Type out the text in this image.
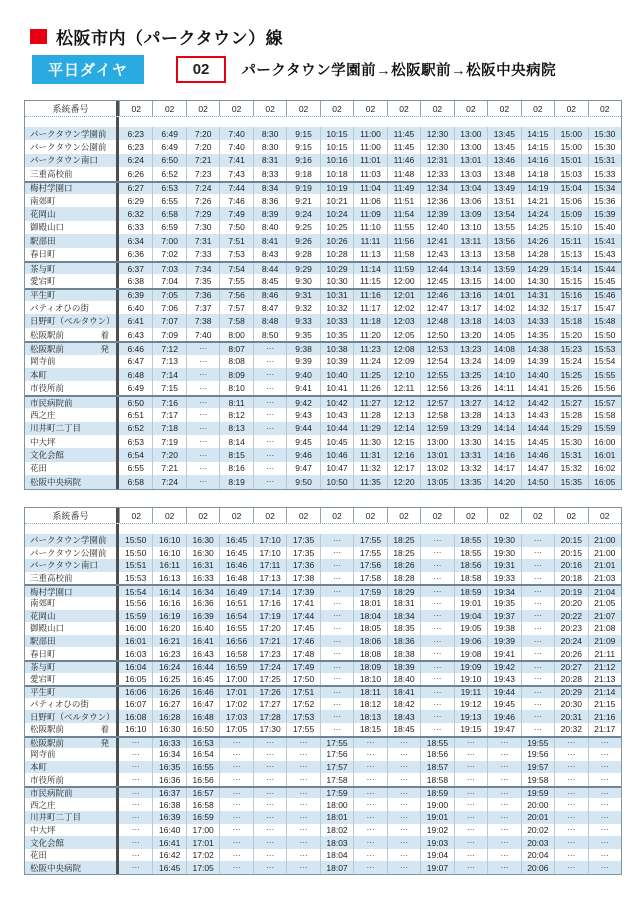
松阪市内（パークタウン）線
平日ダイヤ	02	パークタウン学園前→松阪駅前→松阪中央病院
系統番号	02	02	02	02	02	02	02	02	02	02	02	02	02	02	02
パークタウン学園前	6:23	6:49	7:20	7:40	8:30	9:15	10:15	11:00	11:45	12:30	13:00	13:45	14:15	15:00	15:30
パークタウン公園前	6:23	6:49	7:20	7:40	8:30	9:15	10:15	11:00	11:45	12:30	13:00	13:45	14:15	15:00	15:30
パークタウン南口	6:24	6:50	7:21	7:41	8:31	9:16	10:16	11:01	11:46	12:31	13:01	13:46	14:16	15:01	15:31
三重高校前	6:26	6:52	7:23	7:43	8:33	9:18	10:18	11:03	11:48	12:33	13:03	13:48	14:18	15:03	15:33
梅村学園口	6:27	6:53	7:24	7:44	8:34	9:19	10:19	11:04	11:49	12:34	13:04	13:49	14:19	15:04	15:34
南郊町	6:29	6:55	7:26	7:46	8:36	9:21	10:21	11:06	11:51	12:36	13:06	13:51	14:21	15:06	15:36
花岡山	6:32	6:58	7:29	7:49	8:39	9:24	10:24	11:09	11:54	12:39	13:09	13:54	14:24	15:09	15:39
御殿山口	6:33	6:59	7:30	7:50	8:40	9:25	10:25	11:10	11:55	12:40	13:10	13:55	14:25	15:10	15:40
駅部田	6:34	7:00	7:31	7:51	8:41	9:26	10:26	11:11	11:56	12:41	13:11	13:56	14:26	15:11	15:41
春日町	6:36	7:02	7:33	7:53	8:43	9:28	10:28	11:13	11:58	12:43	13:13	13:58	14:28	15:13	15:43
茶与町	6:37	7:03	7:34	7:54	8:44	9:29	10:29	11:14	11:59	12:44	13:14	13:59	14:29	15:14	15:44
愛宕町	6:38	7:04	7:35	7:55	8:45	9:30	10:30	11:15	12:00	12:45	13:15	14:00	14:30	15:15	15:45
平生町	6:39	7:05	7:36	7:56	8:46	9:31	10:31	11:16	12:01	12:46	13:16	14:01	14:31	15:16	15:46
パティオひの街	6:40	7:06	7:37	7:57	8:47	9:32	10:32	11:17	12:02	12:47	13:17	14:02	14:32	15:17	15:47
日野町（ベルタウン）	6:41	7:07	7:38	7:58	8:48	9:33	10:33	11:18	12:03	12:48	13:18	14:03	14:33	15:18	15:48
松阪駅前	着	6:43	7:09	7:40	8:00	8:50	9:35	10:35	11:20	12:05	12:50	13:20	14:05	14:35	15:20	15:50
松阪駅前	発	6:46	7:12	⋯	8:07	⋯	9:38	10:38	11:23	12:08	12:53	13:23	14:08	14:38	15:23	15:53
岡寺前	6:47	7:13	⋯	8:08	⋯	9:39	10:39	11:24	12:09	12:54	13:24	14:09	14:39	15:24	15:54
本町	6:48	7:14	⋯	8:09	⋯	9:40	10:40	11:25	12:10	12:55	13:25	14:10	14:40	15:25	15:55
市役所前	6:49	7:15	⋯	8:10	⋯	9:41	10:41	11:26	12:11	12:56	13:26	14:11	14:41	15:26	15:56
市民病院前	6:50	7:16	⋯	8:11	⋯	9:42	10:42	11:27	12:12	12:57	13:27	14:12	14:42	15:27	15:57
西之庄	6:51	7:17	⋯	8:12	⋯	9:43	10:43	11:28	12:13	12:58	13:28	14:13	14:43	15:28	15:58
川井町二丁目	6:52	7:18	⋯	8:13	⋯	9:44	10:44	11:29	12:14	12:59	13:29	14:14	14:44	15:29	15:59
中大坪	6:53	7:19	⋯	8:14	⋯	9:45	10:45	11:30	12:15	13:00	13:30	14:15	14:45	15:30	16:00
文化会館	6:54	7:20	⋯	8:15	⋯	9:46	10:46	11:31	12:16	13:01	13:31	14:16	14:46	15:31	16:01
花田	6:55	7:21	⋯	8:16	⋯	9:47	10:47	11:32	12:17	13:02	13:32	14:17	14:47	15:32	16:02
松阪中央病院	6:58	7:24	⋯	8:19	⋯	9:50	10:50	11:35	12:20	13:05	13:35	14:20	14:50	15:35	16:05
系統番号	02	02	02	02	02	02	02	02	02	02	02	02	02	02	02
パークタウン学園前	15:50	16:10	16:30	16:45	17:10	17:35	⋯	17:55	18:25	⋯	18:55	19:30	⋯	20:15	21:00
パークタウン公園前	15:50	16:10	16:30	16:45	17:10	17:35	⋯	17:55	18:25	⋯	18:55	19:30	⋯	20:15	21:00
パークタウン南口	15:51	16:11	16:31	16:46	17:11	17:36	⋯	17:56	18:26	⋯	18:56	19:31	⋯	20:16	21:01
三重高校前	15:53	16:13	16:33	16:48	17:13	17:38	⋯	17:58	18:28	⋯	18:58	19:33	⋯	20:18	21:03
梅村学園口	15:54	16:14	16:34	16:49	17:14	17:39	⋯	17:59	18:29	⋯	18:59	19:34	⋯	20:19	21:04
南郊町	15:56	16:16	16:36	16:51	17:16	17:41	⋯	18:01	18:31	⋯	19:01	19:35	⋯	20:20	21:05
花岡山	15:59	16:19	16:39	16:54	17:19	17:44	⋯	18:04	18:34	⋯	19:04	19:37	⋯	20:22	21:07
御殿山口	16:00	16:20	16:40	16:55	17:20	17:45	⋯	18:05	18:35	⋯	19:05	19:38	⋯	20:23	21:08
駅部田	16:01	16:21	16:41	16:56	17:21	17:46	⋯	18:06	18:36	⋯	19:06	19:39	⋯	20:24	21:09
春日町	16:03	16:23	16:43	16:58	17:23	17:48	⋯	18:08	18:38	⋯	19:08	19:41	⋯	20:26	21:11
茶与町	16:04	16:24	16:44	16:59	17:24	17:49	⋯	18:09	18:39	⋯	19:09	19:42	⋯	20:27	21:12
愛宕町	16:05	16:25	16:45	17:00	17:25	17:50	⋯	18:10	18:40	⋯	19:10	19:43	⋯	20:28	21:13
平生町	16:06	16:26	16:46	17:01	17:26	17:51	⋯	18:11	18:41	⋯	19:11	19:44	⋯	20:29	21:14
パティオひの街	16:07	16:27	16:47	17:02	17:27	17:52	⋯	18:12	18:42	⋯	19:12	19:45	⋯	20:30	21:15
日野町（ベルタウン）	16:08	16:28	16:48	17:03	17:28	17:53	⋯	18:13	18:43	⋯	19:13	19:46	⋯	20:31	21:16
松阪駅前	着	16:10	16:30	16:50	17:05	17:30	17:55	⋯	18:15	18:45	⋯	19:15	19:47	⋯	20:32	21:17
松阪駅前	発	⋯	16:33	16:53	⋯	⋯	⋯	17:55	⋯	⋯	18:55	⋯	⋯	19:55	⋯	⋯
岡寺前	⋯	16:34	16:54	⋯	⋯	⋯	17:56	⋯	⋯	18:56	⋯	⋯	19:56	⋯	⋯
本町	⋯	16:35	16:55	⋯	⋯	⋯	17:57	⋯	⋯	18:57	⋯	⋯	19:57	⋯	⋯
市役所前	⋯	16:36	16:56	⋯	⋯	⋯	17:58	⋯	⋯	18:58	⋯	⋯	19:58	⋯	⋯
市民病院前	⋯	16:37	16:57	⋯	⋯	⋯	17:59	⋯	⋯	18:59	⋯	⋯	19:59	⋯	⋯
西之庄	⋯	16:38	16:58	⋯	⋯	⋯	18:00	⋯	⋯	19:00	⋯	⋯	20:00	⋯	⋯
川井町二丁目	⋯	16:39	16:59	⋯	⋯	⋯	18:01	⋯	⋯	19:01	⋯	⋯	20:01	⋯	⋯
中大坪	⋯	16:40	17:00	⋯	⋯	⋯	18:02	⋯	⋯	19:02	⋯	⋯	20:02	⋯	⋯
文化会館	⋯	16:41	17:01	⋯	⋯	⋯	18:03	⋯	⋯	19:03	⋯	⋯	20:03	⋯	⋯
花田	⋯	16:42	17:02	⋯	⋯	⋯	18:04	⋯	⋯	19:04	⋯	⋯	20:04	⋯	⋯
松阪中央病院	⋯	16:45	17:05	⋯	⋯	⋯	18:07	⋯	⋯	19:07	⋯	⋯	20:06	⋯	⋯
